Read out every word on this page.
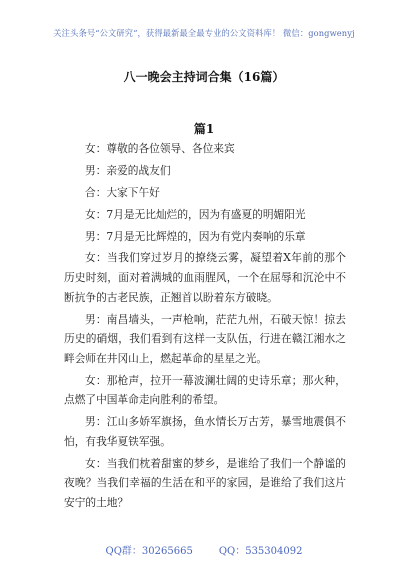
关注头条号“公文研究”，获得最新最全最专业的公文资料库！ 微信：gongwenyj
八一晚会主持词合集（16篇）
篇1

女：尊敬的各位领导、各位来宾

男：亲爱的战友们

合：大家下午好

女：7月是无比灿烂的，因为有盛夏的明媚阳光

男：7月是无比辉煌的，因为有党内奏响的乐章

女：当我们穿过岁月的撩绕云雾，凝望着X年前的那个历史时刻，面对着满城的血雨腥风，一个在屈辱和沉沦中不断抗争的古老民族，正翘首以盼着东方破晓。

男：南昌墙头，一声枪响，茫茫九州，石破天惊！掠去历史的硝烟，我们看到有这样一支队伍，行进在赣江湘水之畔会师在井冈山上，燃起革命的星星之光。

女：那枪声，拉开一幕波澜壮阔的史诗乐章；那火种，点燃了中国革命走向胜利的希望。

男：江山多娇军旗扬，鱼水情长万古芳，暴雪地震俱不怕，有我华夏铁军强。

女：当我们枕着甜蜜的梦乡，是谁给了我们一个静谧的夜晚？当我们幸福的生活在和平的家园，是谁给了我们这片安宁的土地？

QQ群：30265665	QQ：535304092
